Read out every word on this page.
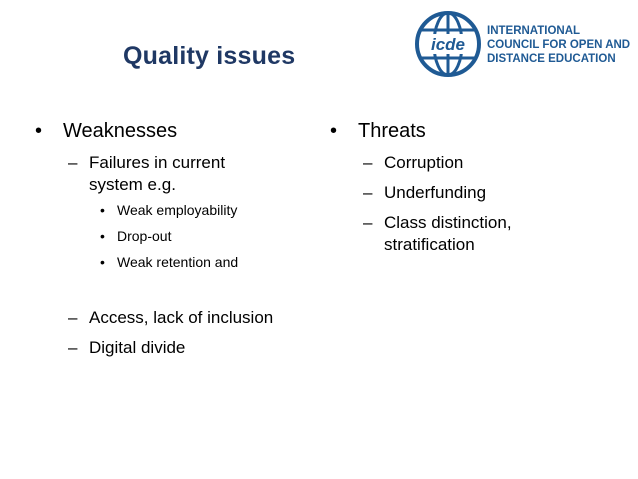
Quality issues	icde
INTERNATIONAL
COUNCIL FOR OPEN AND
DISTANCE EDUCATION
• Weaknesses
– Failures in current
system e.g.
• Weak employability
• Drop-out
• Weak retention and
– Access, lack of inclusion
– Digital divide
• Threats
– Corruption
– Underfunding
– Class distinction,
stratification
